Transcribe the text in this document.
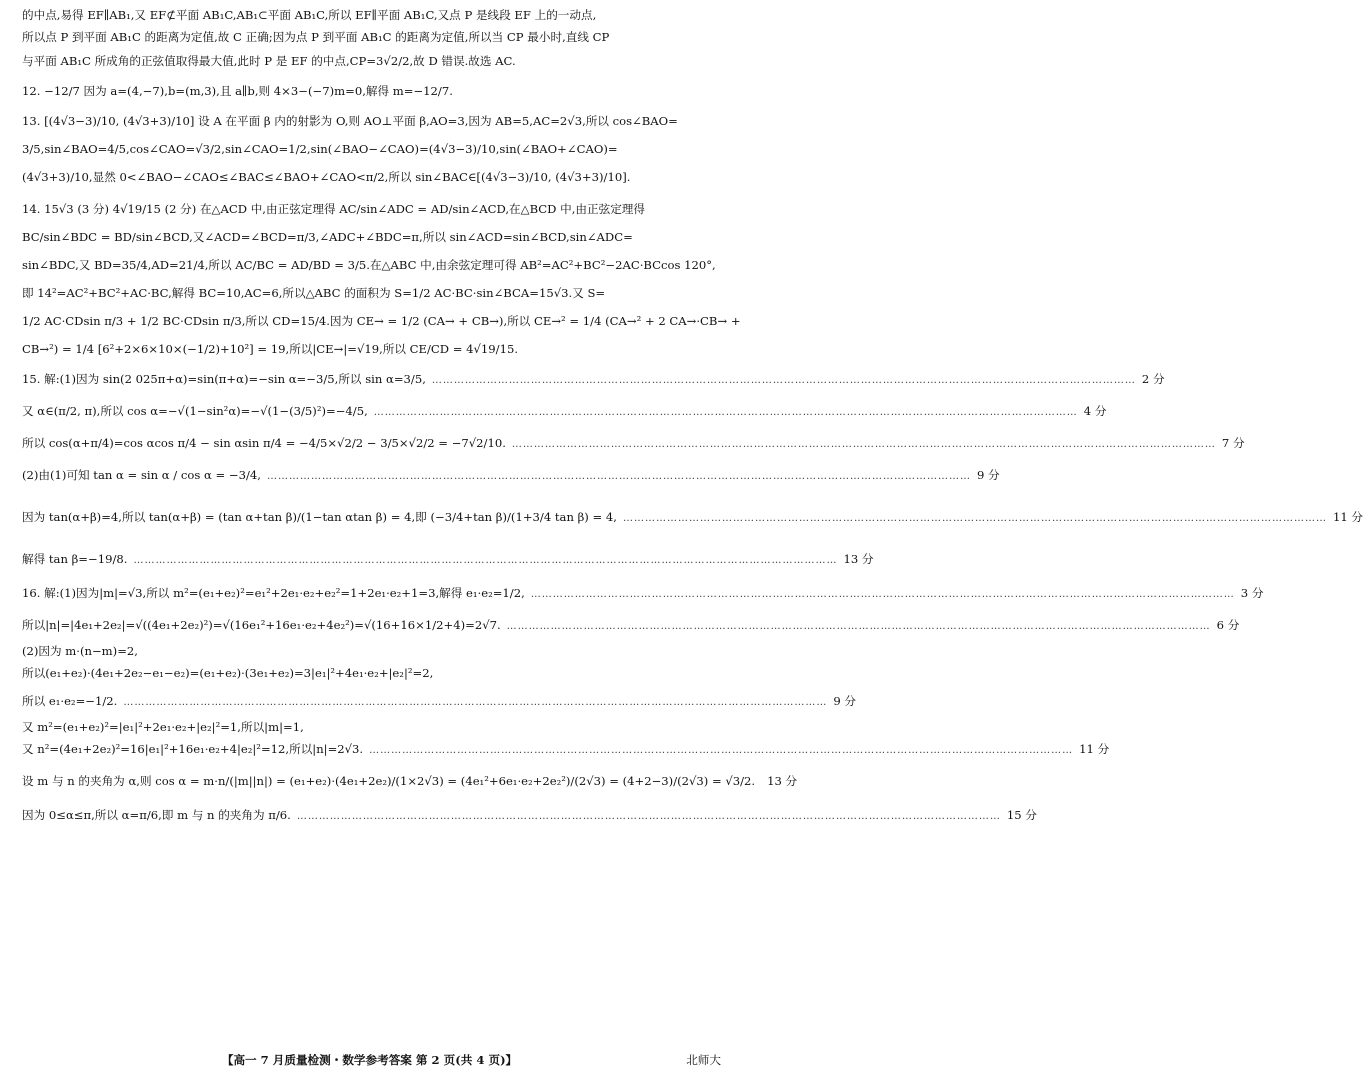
的中点,易得 EF∥AB₁,又 EF⊄平面 AB₁C,AB₁⊂平面 AB₁C,所以 EF∥平面 AB₁C,又点 P 是线段 EF 上的一动点,

所以点 P 到平面 AB₁C 的距离为定值,故 C 正确;因为点 P 到平面 AB₁C 的距离为定值,所以当 CP 最小时,直线 CP

与平面 AB₁C 所成角的正弦值取得最大值,此时 P 是 EF 的中点,CP=3√2/2,故 D 错误.故选 AC.

12. −12/7 因为 a=(4,−7),b=(m,3),且 a∥b,则 4×3−(−7)m=0,解得 m=−12/7.

13. [(4√3−3)/10, (4√3+3)/10] 设 A 在平面 β 内的射影为 O,则 AO⊥平面 β,AO=3,因为 AB=5,AC=2√3,所以 cos∠BAO=

3/5,sin∠BAO=4/5,cos∠CAO=√3/2,sin∠CAO=1/2,sin(∠BAO−∠CAO)=(4√3−3)/10,sin(∠BAO+∠CAO)=

(4√3+3)/10,显然 0<∠BAO−∠CAO≤∠BAC≤∠BAO+∠CAO<π/2,所以 sin∠BAC∈[(4√3−3)/10, (4√3+3)/10].

14. 15√3 (3 分) 4√19/15 (2 分) 在△ACD 中,由正弦定理得 AC/sin∠ADC = AD/sin∠ACD,在△BCD 中,由正弦定理得

BC/sin∠BDC = BD/sin∠BCD,又∠ACD=∠BCD=π/3,∠ADC+∠BDC=π,所以 sin∠ACD=sin∠BCD,sin∠ADC=

sin∠BDC,又 BD=35/4,AD=21/4,所以 AC/BC = AD/BD = 3/5.在△ABC 中,由余弦定理可得 AB²=AC²+BC²−2AC·BCcos 120°,

即 14²=AC²+BC²+AC·BC,解得 BC=10,AC=6,所以△ABC 的面积为 S=1/2 AC·BC·sin∠BCA=15√3.又 S=

1/2 AC·CDsin π/3 + 1/2 BC·CDsin π/3,所以 CD=15/4.因为 CE→ = 1/2 (CA→ + CB→),所以 CE→² = 1/4 (CA→² + 2 CA→·CB→ +

CB→²) = 1/4 [6²+2×6×10×(−1/2)+10²] = 19,所以|CE→|=√19,所以 CE/CD = 4√19/15.

15. 解:(1)因为 sin(2 025π+α)=sin(π+α)=−sin α=−3/5,所以 sin α=3/5, ………………………………………………………………………………………………………………………………………………………………………… 2 分
又 α∈(π/2, π),所以 cos α=−√(1−sin²α)=−√(1−(3/5)²)=−4/5, ………………………………………………………………………………………………………………………………………………………………………… 4 分
所以 cos(α+π/4)=cos αcos π/4 − sin αsin π/4 = −4/5×√2/2 − 3/5×√2/2 = −7√2/10. ………………………………………………………………………………………………………………………………………………………………………… 7 分
(2)由(1)可知 tan α = sin α / cos α = −3/4, ………………………………………………………………………………………………………………………………………………………………………… 9 分
因为 tan(α+β)=4,所以 tan(α+β) = (tan α+tan β)/(1−tan αtan β) = 4,即 (−3/4+tan β)/(1+3/4 tan β) = 4, ………………………………………………………………………………………………………………………………………………………………………… 11 分
解得 tan β=−19/8. ………………………………………………………………………………………………………………………………………………………………………… 13 分
16. 解:(1)因为|m|=√3,所以 m²=(e₁+e₂)²=e₁²+2e₁·e₂+e₂²=1+2e₁·e₂+1=3,解得 e₁·e₂=1/2, ………………………………………………………………………………………………………………………………………………………………………… 3 分
所以|n|=|4e₁+2e₂|=√((4e₁+2e₂)²)=√(16e₁²+16e₁·e₂+4e₂²)=√(16+16×1/2+4)=2√7. ………………………………………………………………………………………………………………………………………………………………………… 6 分
(2)因为 m·(n−m)=2,
所以(e₁+e₂)·(4e₁+2e₂−e₁−e₂)=(e₁+e₂)·(3e₁+e₂)=3|e₁|²+4e₁·e₂+|e₂|²=2,
所以 e₁·e₂=−1/2. ………………………………………………………………………………………………………………………………………………………………………… 9 分
又 m²=(e₁+e₂)²=|e₁|²+2e₁·e₂+|e₂|²=1,所以|m|=1,
又 n²=(4e₁+2e₂)²=16|e₁|²+16e₁·e₂+4|e₂|²=12,所以|n|=2√3. ………………………………………………………………………………………………………………………………………………………………………… 11 分
设 m 与 n 的夹角为 α,则 cos α = m·n/(|m||n|) = (e₁+e₂)·(4e₁+2e₂)/(1×2√3) = (4e₁²+6e₁·e₂+2e₂²)/(2√3) = (4+2−3)/(2√3) = √3/2. 13 分
因为 0≤α≤π,所以 α=π/6,即 m 与 n 的夹角为 π/6. ………………………………………………………………………………………………………………………………………………………………………… 15 分
【高一 7 月质量检测・数学参考答案 第 2 页(共 4 页)】	北师大
